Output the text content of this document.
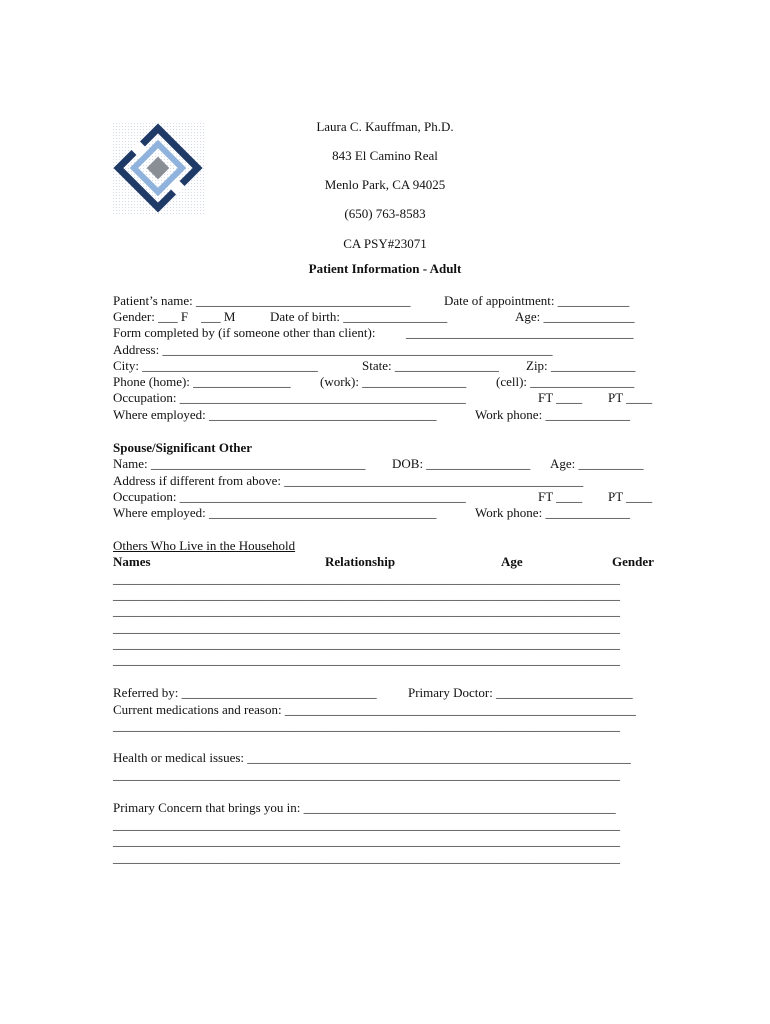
Laura C. Kauffman, Ph.D.
843 El Camino Real
Menlo Park, CA 94025
(650) 763-8583
CA PSY#23071
Patient Information - Adult
Patient’s name: _________________________________	Date of appointment: ___________
Gender: ___ F    ___ M	Date of birth: ________________	Age: ______________
Form completed by (if someone other than client): ___________________________________
Address: ____________________________________________________________
City: ___________________________	State: ________________ Zip: _____________
Phone (home): _______________ (work): ________________ (cell): ________________
Occupation: ____________________________________________	FT ____ PT ____
Where employed: ___________________________________	Work phone: _____________
Spouse/Significant Other
Name: _________________________________ DOB: ________________ Age: __________
Address if different from above: ______________________________________________
Occupation: ____________________________________________	FT ____ PT ____
Where employed: ___________________________________	Work phone: _____________
Others Who Live in the Household
Names	Relationship	Age	Gender
______________________________________________________________________________
______________________________________________________________________________
______________________________________________________________________________
______________________________________________________________________________
______________________________________________________________________________
______________________________________________________________________________
Referred by: ______________________________ Primary Doctor: _____________________
Current medications and reason: ______________________________________________________
______________________________________________________________________________
Health or medical issues: ___________________________________________________________
______________________________________________________________________________
Primary Concern that brings you in: ________________________________________________
______________________________________________________________________________
______________________________________________________________________________
______________________________________________________________________________
